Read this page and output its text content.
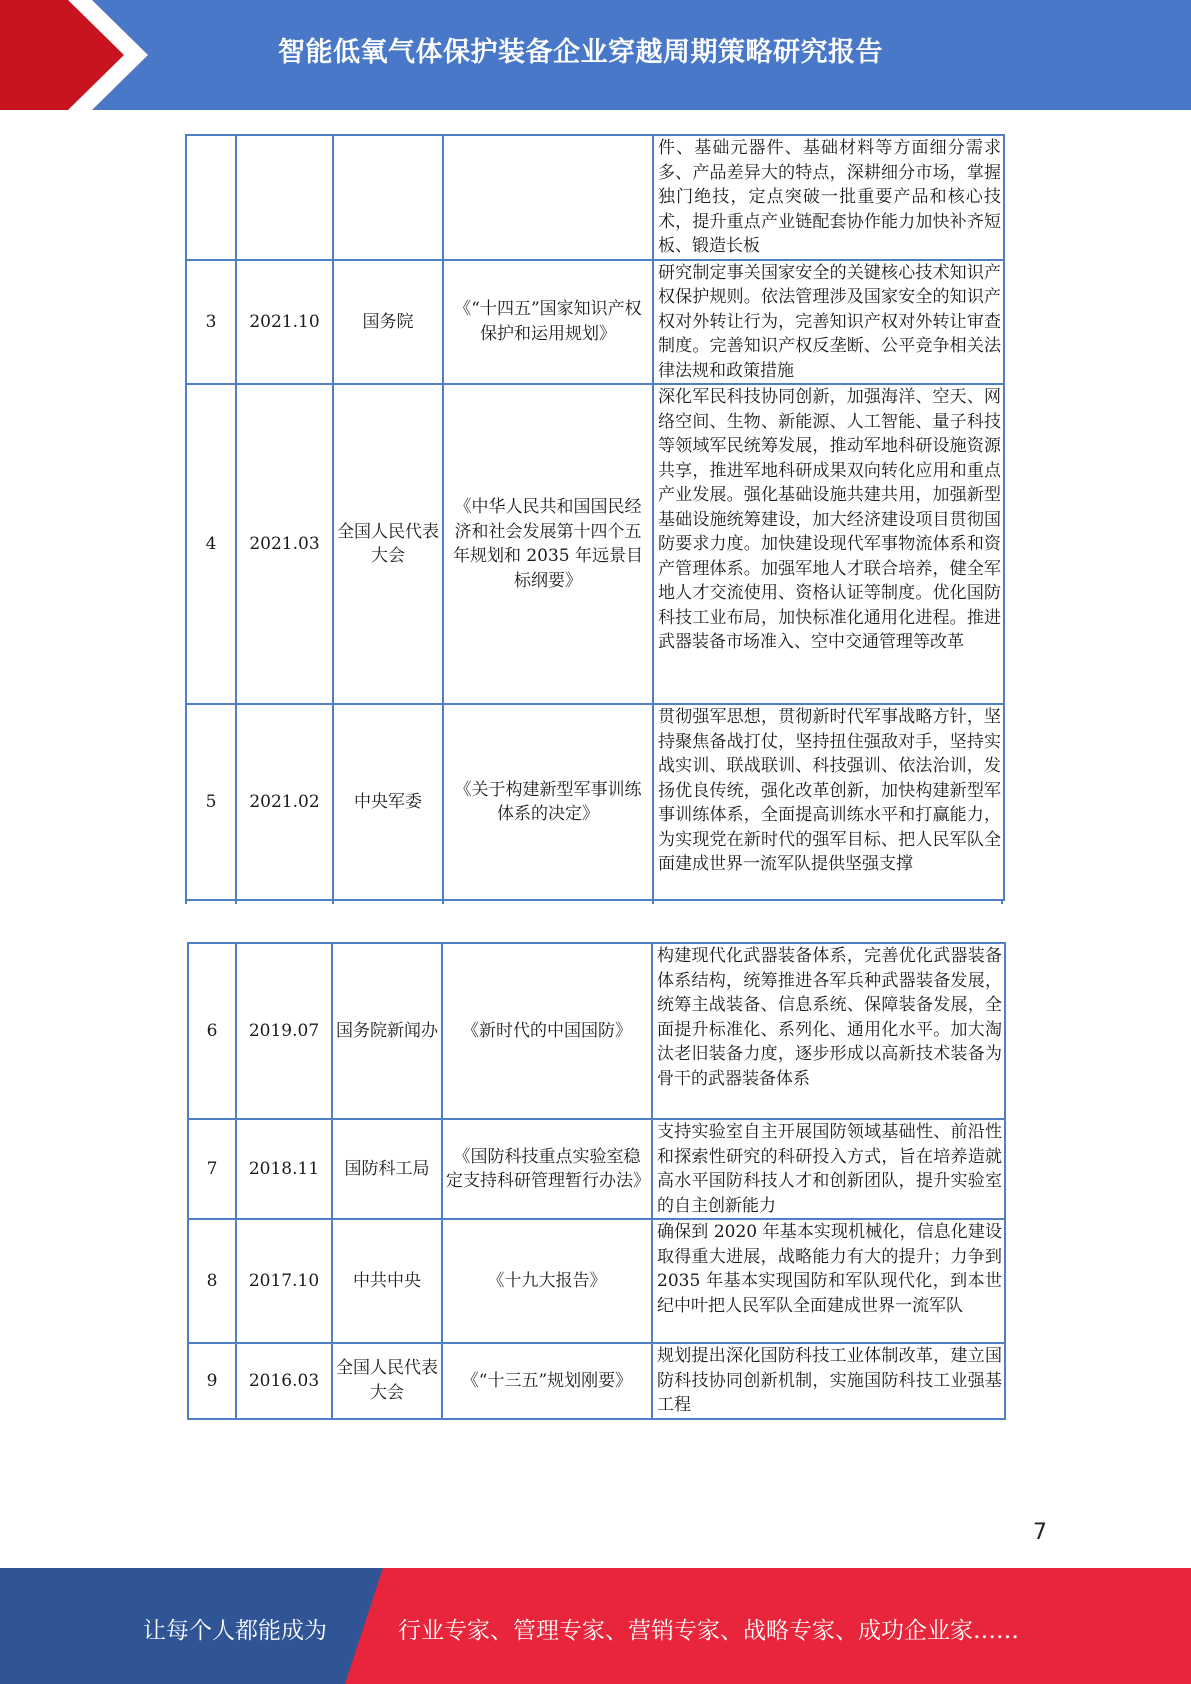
智能低氧气体保护装备企业穿越周期策略研究报告
				件、基础元器件、基础材料等方面细分需求多、产品差异大的特点，深耕细分市场，掌握独门绝技，定点突破一批重要产品和核心技术，提升重点产业链配套协作能力加快补齐短板、锻造长板
3	2021.10	国务院	《“十四五”国家知识产权保护和运用规划》	研究制定事关国家安全的关键核心技术知识产权保护规则。依法管理涉及国家安全的知识产权对外转让行为，完善知识产权对外转让审查制度。完善知识产权反垄断、公平竞争相关法律法规和政策措施
4	2021.03	全国人民代表大会	《中华人民共和国国民经济和社会发展第十四个五年规划和 2035 年远景目标纲要》	深化军民科技协同创新，加强海洋、空天、网络空间、生物、新能源、人工智能、量子科技等领域军民统筹发展，推动军地科研设施资源共享，推进军地科研成果双向转化应用和重点产业发展。强化基础设施共建共用，加强新型基础设施统筹建设，加大经济建设项目贯彻国防要求力度。加快建设现代军事物流体系和资产管理体系。加强军地人才联合培养，健全军地人才交流使用、资格认证等制度。优化国防科技工业布局，加快标准化通用化进程。推进武器装备市场准入、空中交通管理等改革
5	2021.02	中央军委	《关于构建新型军事训练体系的决定》	贯彻强军思想，贯彻新时代军事战略方针，坚持聚焦备战打仗，坚持扭住强敌对手，坚持实战实训、联战联训、科技强训、依法治训，发扬优良传统，强化改革创新，加快构建新型军事训练体系，全面提高训练水平和打赢能力，为实现党在新时代的强军目标、把人民军队全面建成世界一流军队提供坚强支撑
6	2019.07	国务院新闻办	《新时代的中国国防》	构建现代化武器装备体系，完善优化武器装备体系结构，统筹推进各军兵种武器装备发展，统筹主战装备、信息系统、保障装备发展，全面提升标准化、系列化、通用化水平。加大淘汰老旧装备力度，逐步形成以高新技术装备为骨干的武器装备体系
7	2018.11	国防科工局	《国防科技重点实验室稳定支持科研管理暂行办法》	支持实验室自主开展国防领域基础性、前沿性和探索性研究的科研投入方式，旨在培养造就高水平国防科技人才和创新团队，提升实验室的自主创新能力
8	2017.10	中共中央	《十九大报告》	确保到 2020 年基本实现机械化，信息化建设取得重大进展，战略能力有大的提升；力争到 2035 年基本实现国防和军队现代化，到本世纪中叶把人民军队全面建成世界一流军队
9	2016.03	全国人民代表大会	《“十三五”规划刚要》	规划提出深化国防科技工业体制改革，建立国防科技协同创新机制，实施国防科技工业强基工程
7
让每个人都能成为	行业专家、管理专家、营销专家、战略专家、成功企业家……
